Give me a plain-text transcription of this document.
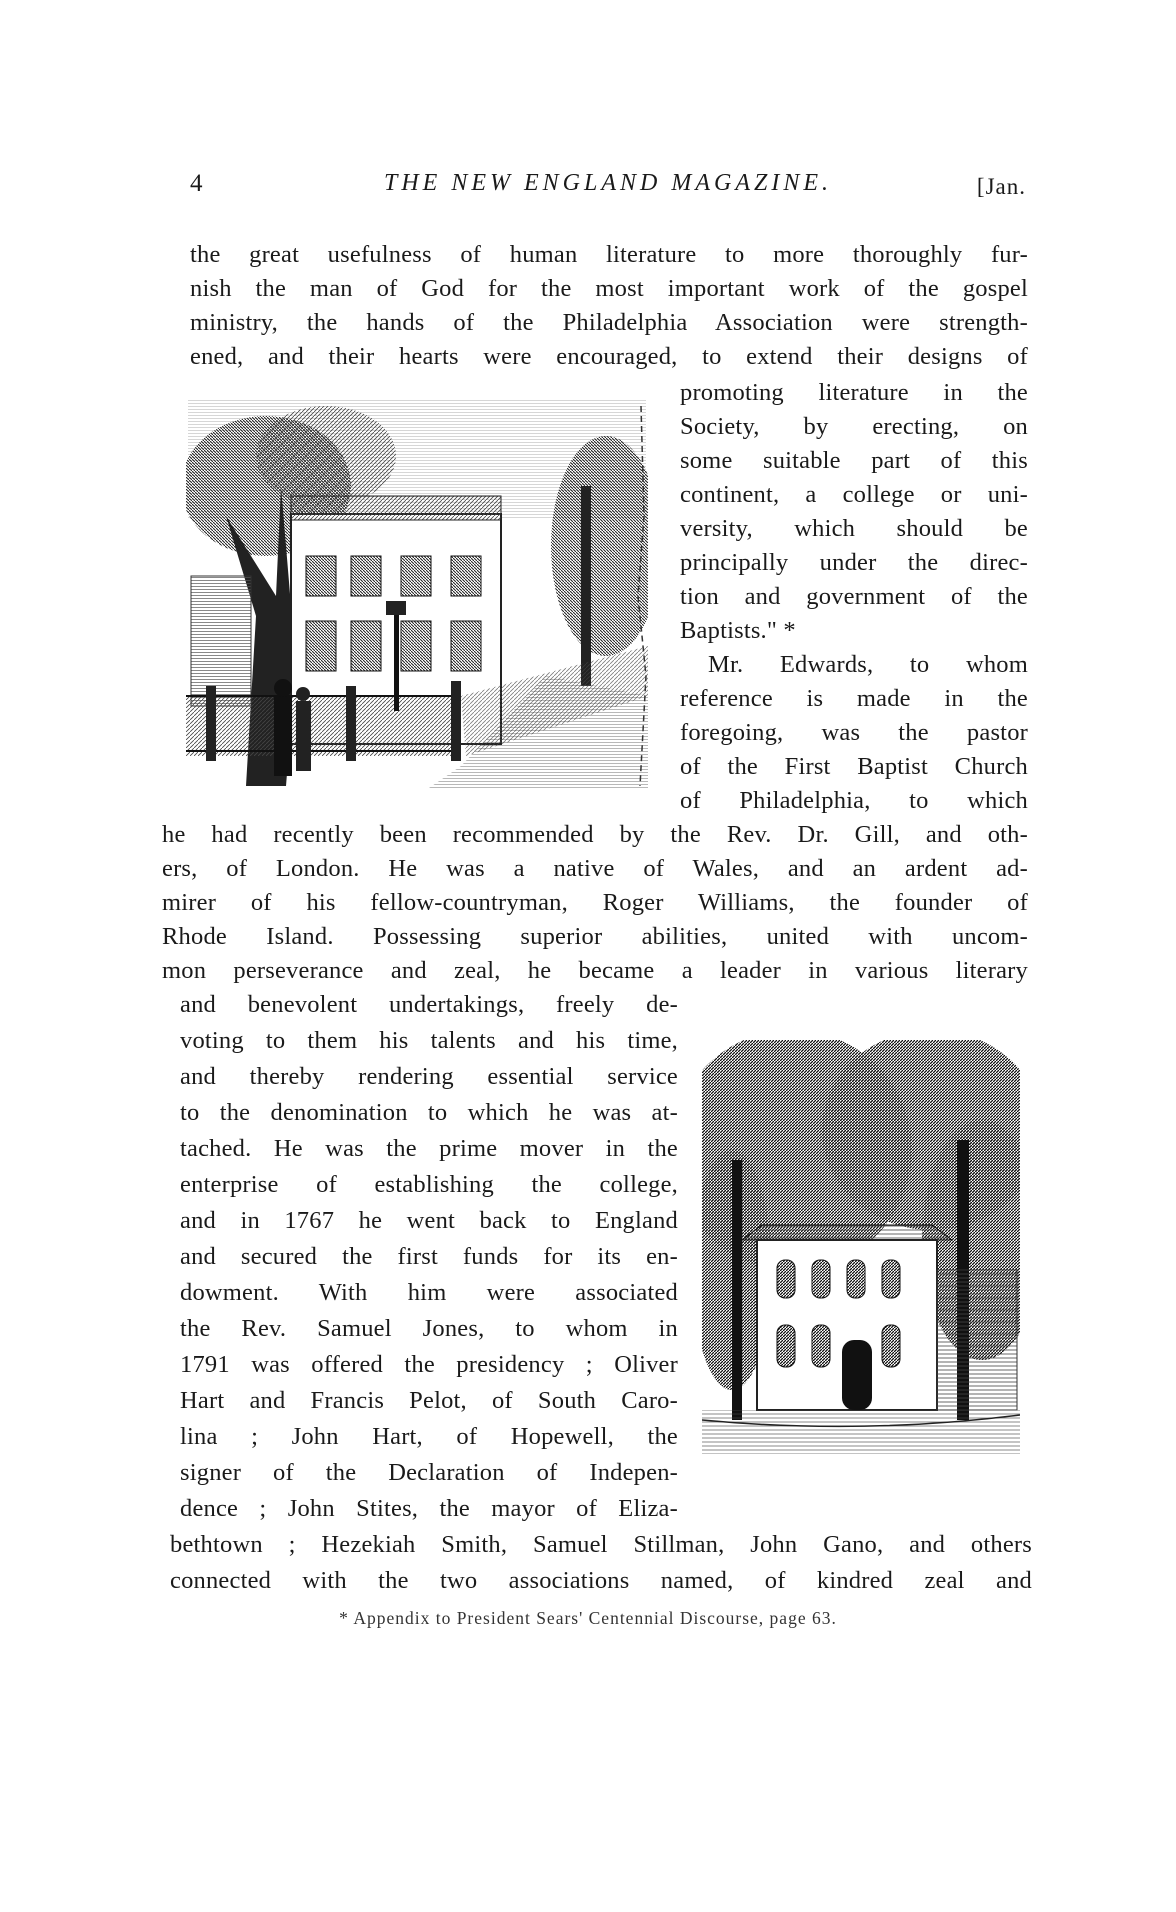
4	THE NEW ENGLAND MAGAZINE.	[Jan.
the great usefulness of human literature to more thoroughly fur-
nish the man of God for the most important work of the gospel
ministry, the hands of the Philadelphia Association were strength-
ened, and their hearts were encouraged, to extend their designs of
promoting literature in the
Society, by erecting, on
some suitable part of this
continent, a college or uni-
versity, which should be
principally under the direc-
tion and government of the
Baptists." *
Mr. Edwards, to whom
reference is made in the
foregoing, was the pastor
of the First Baptist Church
of Philadelphia, to which
he had recently been recommended by the Rev. Dr. Gill, and oth-
ers, of London. He was a native of Wales, and an ardent ad-
mirer of his fellow-countryman, Roger Williams, the founder of
Rhode Island. Possessing superior abilities, united with uncom-
mon perseverance and zeal, he became a leader in various literary
and benevolent undertakings, freely de-
voting to them his talents and his time,
and thereby rendering essential service
to the denomination to which he was at-
tached. He was the prime mover in the
enterprise of establishing the college,
and in 1767 he went back to England
and secured the first funds for its en-
dowment. With him were associated
the Rev. Samuel Jones, to whom in
1791 was offered the presidency ; Oliver
Hart and Francis Pelot, of South Caro-
lina ; John Hart, of Hopewell, the
signer of the Declaration of Indepen-
dence ; John Stites, the mayor of Eliza-
bethtown ; Hezekiah Smith, Samuel Stillman, John Gano, and others
connected with the two associations named, of kindred zeal and
* Appendix to President Sears' Centennial Discourse, page 63.
